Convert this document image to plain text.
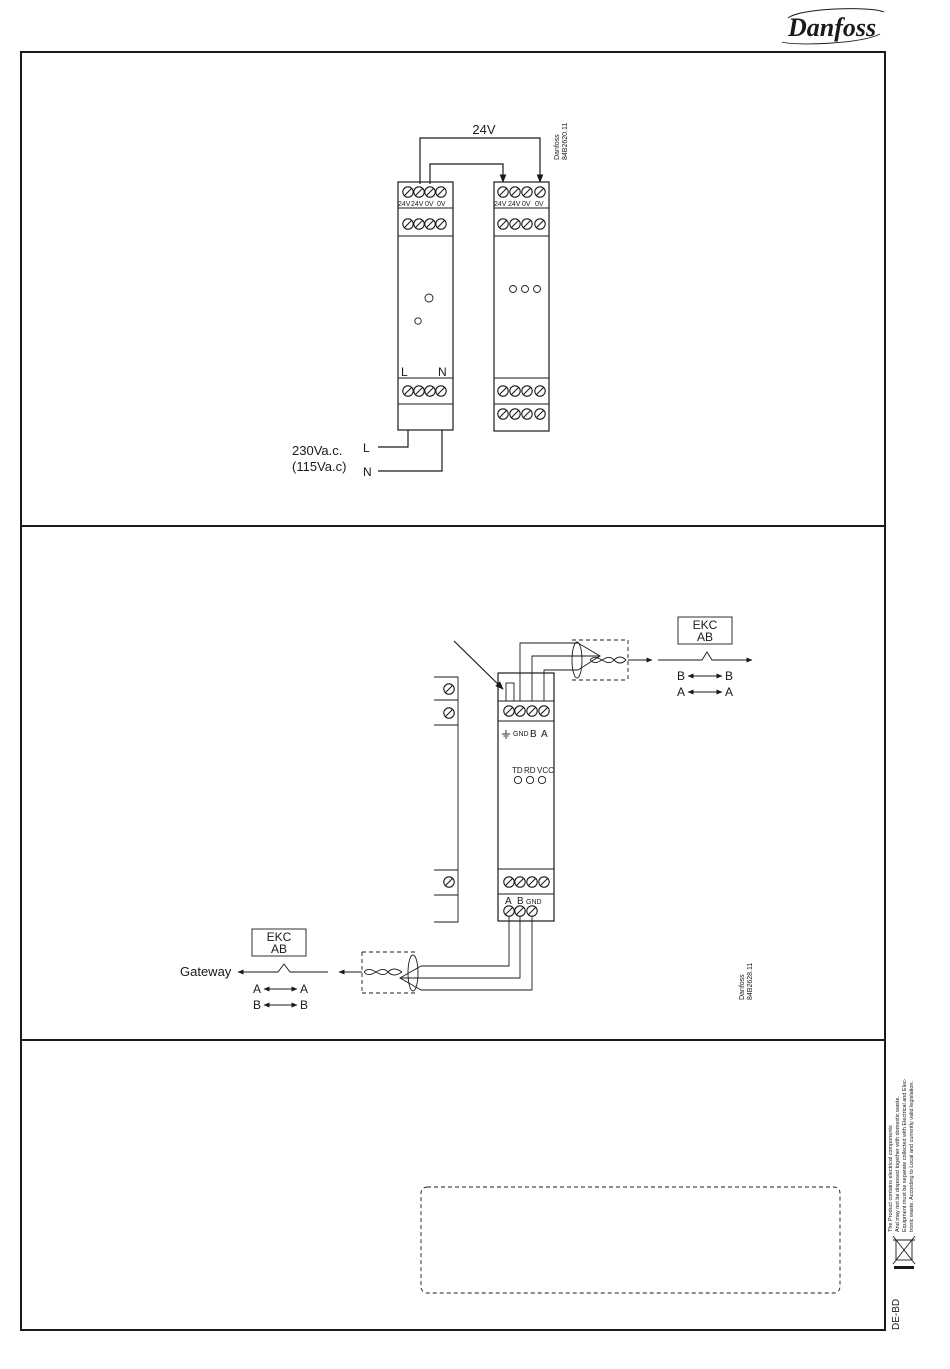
Danfoss
24V
Danfoss 84B2620.11
24V 24V 0V 0V
L	N
24V 24V 0V 0V
230Va.c.
(115Va.c)
L
N
GND B A
TD RD VCC
A B GND
EKC
AB
B	B
A	A
EKC
AB
Gateway
A	A
B	B
Danfoss 84B2628.11
The Product contains electrical components And may not be disposed together with domestic waste. Equipment must be separate collected with Electrical and Elec- tronic waste. According to Local and currently valid legislation.
DE-BD
